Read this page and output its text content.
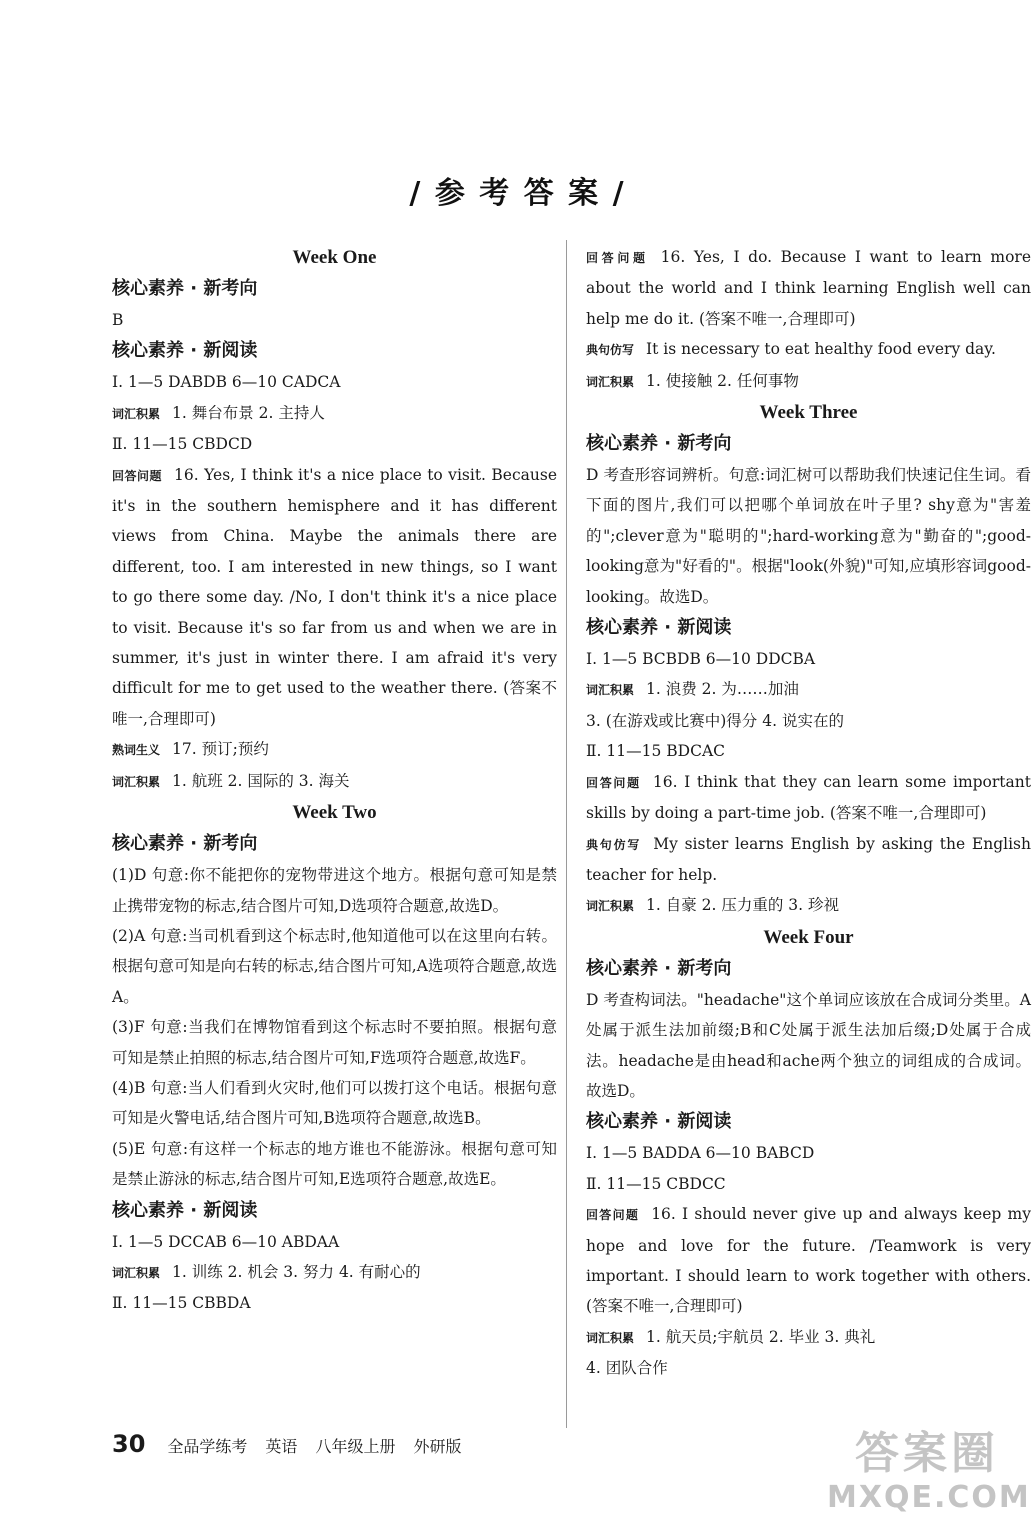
/ 参 考 答 案 /
Week One
核心素养 · 新考向
B
核心素养 · 新阅读
Ⅰ. 1—5 DABDB 6—10 CADCA
词汇积累 1. 舞台布景 2. 主持人
Ⅱ. 11—15 CBDCD
回答问题 16. Yes, I think it's a nice place to visit. Because it's in the southern hemisphere and it has different views from China. Maybe the animals there are different, too. I am interested in new things, so I want to go there some day. /No, I don't think it's a nice place to visit. Because it's so far from us and when we are in summer, it's just in winter there. I am afraid it's very difficult for me to get used to the weather there. (答案不唯一,合理即可)
熟词生义 17. 预订;预约
词汇积累 1. 航班 2. 国际的 3. 海关
Week Two
核心素养 · 新考向
(1)D 句意:你不能把你的宠物带进这个地方。根据句意可知是禁止携带宠物的标志,结合图片可知,D选项符合题意,故选D。
(2)A 句意:当司机看到这个标志时,他知道他可以在这里向右转。根据句意可知是向右转的标志,结合图片可知,A选项符合题意,故选A。
(3)F 句意:当我们在博物馆看到这个标志时不要拍照。根据句意可知是禁止拍照的标志,结合图片可知,F选项符合题意,故选F。
(4)B 句意:当人们看到火灾时,他们可以拨打这个电话。根据句意可知是火警电话,结合图片可知,B选项符合题意,故选B。
(5)E 句意:有这样一个标志的地方谁也不能游泳。根据句意可知是禁止游泳的标志,结合图片可知,E选项符合题意,故选E。
核心素养 · 新阅读
Ⅰ. 1—5 DCCAB 6—10 ABDAA
词汇积累 1. 训练 2. 机会 3. 努力 4. 有耐心的
Ⅱ. 11—15 CBBDA
回答问题 16. Yes, I do. Because I want to learn more about the world and I think learning English well can help me do it. (答案不唯一,合理即可)
典句仿写 It is necessary to eat healthy food every day.
词汇积累 1. 使接触 2. 任何事物
Week Three
核心素养 · 新考向
D 考查形容词辨析。句意:词汇树可以帮助我们快速记住生词。看下面的图片,我们可以把哪个单词放在叶子里? shy意为"害羞的";clever意为"聪明的";hard-working意为"勤奋的";good-looking意为"好看的"。根据"look(外貌)"可知,应填形容词good-looking。故选D。
核心素养 · 新阅读
Ⅰ. 1—5 BCBDB 6—10 DDCBA
词汇积累 1. 浪费 2. 为……加油
3. (在游戏或比赛中)得分 4. 说实在的
Ⅱ. 11—15 BDCAC
回答问题 16. I think that they can learn some important skills by doing a part-time job. (答案不唯一,合理即可)
典句仿写 My sister learns English by asking the English teacher for help.
词汇积累 1. 自豪 2. 压力重的 3. 珍视
Week Four
核心素养 · 新考向
D 考查构词法。"headache"这个单词应该放在合成词分类里。A处属于派生法加前缀;B和C处属于派生法加后缀;D处属于合成法。headache是由head和ache两个独立的词组成的合成词。故选D。
核心素养 · 新阅读
Ⅰ. 1—5 BADDA 6—10 BABCD
Ⅱ. 11—15 CBDCC
回答问题 16. I should never give up and always keep my hope and love for the future. /Teamwork is very important. I should learn to work together with others. (答案不唯一,合理即可)
词汇积累 1. 航天员;宇航员 2. 毕业 3. 典礼
4. 团队合作
30 全品学练考 英语 八年级上册 外研版	答案圈
MXQE.COM
